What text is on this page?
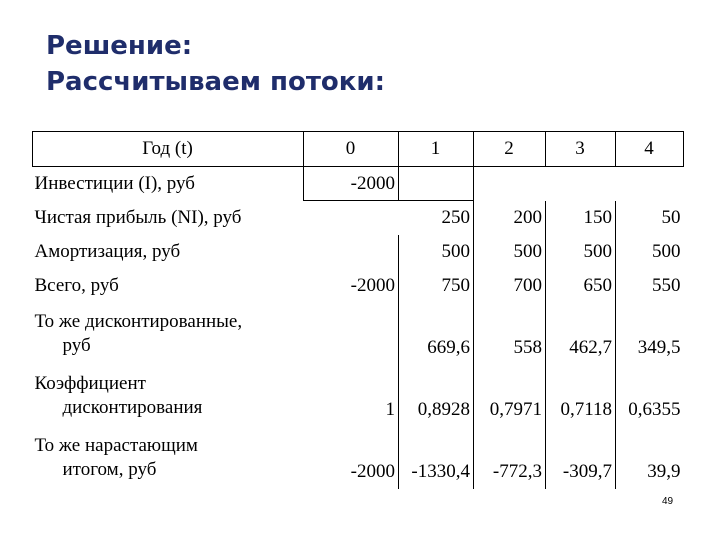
Решение:
Рассчитываем потоки:
Год (t)	0	1	2	3	4
Инвестиции (I), руб	-2000				
Чистая прибыль (NI), руб		250	200	150	50
Амортизация, руб		500	500	500	500
Всего, руб	-2000	750	700	650	550

То же дисконтированные,
руб		669,6	558	462,7	349,5

Коэффициент
дисконтирования	1	0,8928	0,7971	0,7118	0,6355

То же нарастающим
итогом, руб	-2000	-1330,4	-772,3	-309,7	39,9
49
